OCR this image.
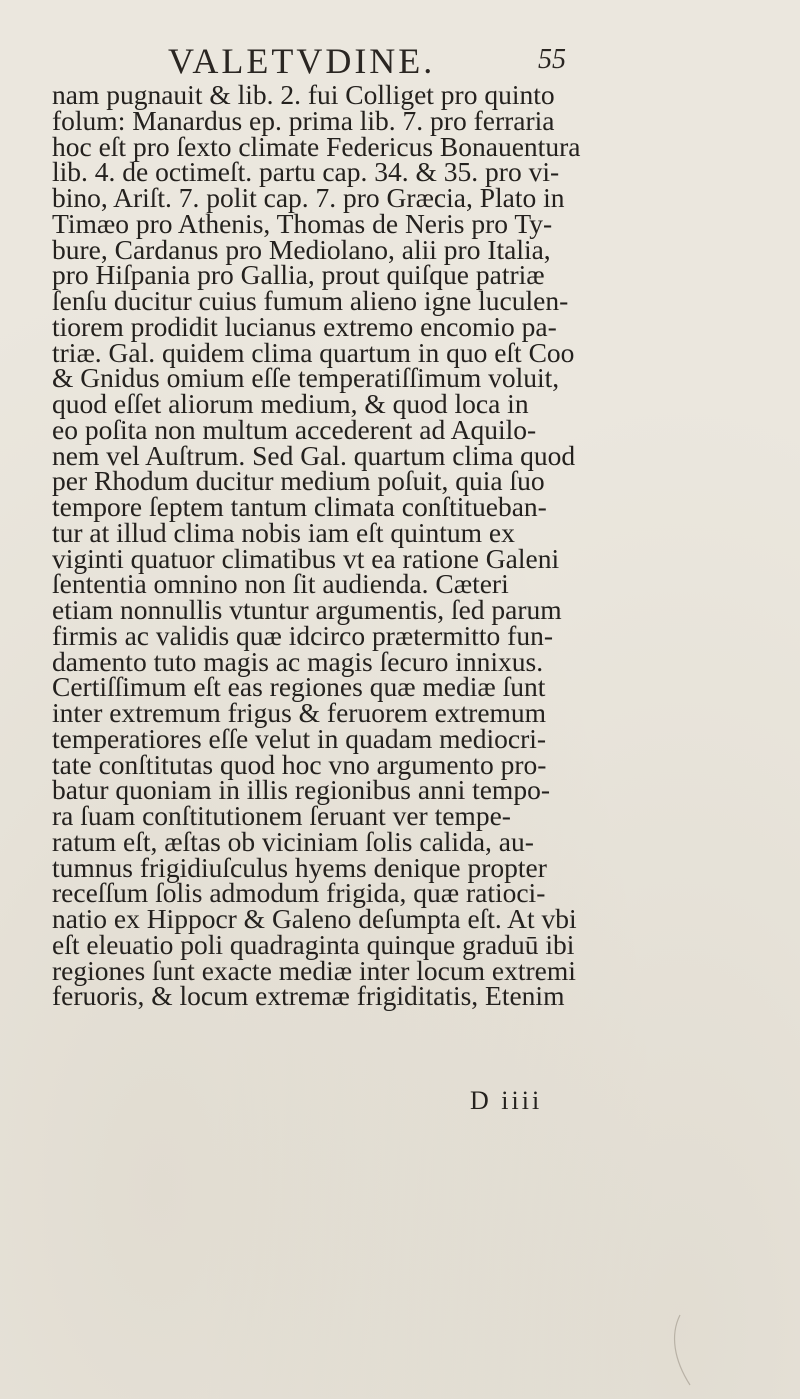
VALETVDINE.	55
nam pugnauit & lib. 2. fui Colliget pro quinto
folum: Manardus ep. prima lib. 7. pro ferraria
hoc eſt pro ſexto climate Federicus Bonauentura
lib. 4. de octimeſt. partu cap. 34. & 35. pro vi-
bino, Ariſt. 7. polit cap. 7. pro Græcia, Plato in
Timæo pro Athenis, Thomas de Neris pro Ty-
bure, Cardanus pro Mediolano, alii pro Italia,
pro Hiſpania pro Gallia, prout quiſque patriæ
ſenſu ducitur cuius fumum alieno igne luculen-
tiorem prodidit lucianus extremo encomio pa-
triæ. Gal. quidem clima quartum in quo eſt Coo
& Gnidus omium eſſe temperatiſſimum voluit,
quod eſſet aliorum medium, & quod loca in
eo poſita non multum accederent ad Aquilo-
nem vel Auſtrum. Sed Gal. quartum clima quod
per Rhodum ducitur medium poſuit, quia ſuo
tempore ſeptem tantum climata conſtitueban-
tur at illud clima nobis iam eſt quintum ex
viginti quatuor climatibus vt ea ratione Galeni
ſententia omnino non ſit audienda. Cæteri
etiam nonnullis vtuntur argumentis, ſed parum
firmis ac validis quæ idcirco prætermitto fun-
damento tuto magis ac magis ſecuro innixus.
Certiſſimum eſt eas regiones quæ mediæ ſunt
inter extremum frigus & feruorem extremum
temperatiores eſſe velut in quadam mediocri-
tate conſtitutas quod hoc vno argumento pro-
batur quoniam in illis regionibus anni tempo-
ra ſuam conſtitutionem ſeruant ver tempe-
ratum eſt, æſtas ob viciniam ſolis calida, au-
tumnus frigidiuſculus hyems denique propter
receſſum ſolis admodum frigida, quæ ratioci-
natio ex Hippocr & Galeno deſumpta eſt. At vbi
eſt eleuatio poli quadraginta quinque graduū ibi
regiones ſunt exacte mediæ inter locum extremi
feruoris, & locum extremæ frigiditatis, Etenim
D iiii
